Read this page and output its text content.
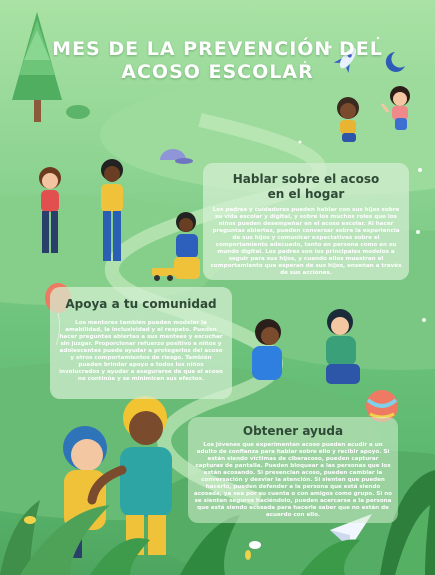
MES DE LA PREVENCIÓN DEL
ACOSO ESCOLAR
Hablar sobre el acoso
en el hogar

Los padres y cuidadores pueden hablar con sus hijos sobre su vida escolar y digital, y sobre los muchos roles que los niños pueden desempeñar en el acoso escolar. Al hacer preguntas abiertas, pueden conversar sobre la experiencia de sus hijos y comunicar expectativas sobre el comportamiento adecuado, tanto en persona como en su mundo digital. Los padres son los principales modelos a seguir para sus hijos, y cuando ellos muestran el comportamiento que esperan de sus hijos, enseñan a través de sus acciones.

Apoya a tu comunidad

Los mentores también pueden modelar la amabilidad, la inclusividad y el respeto. Pueden hacer preguntas abiertas a sus mentees y escuchar sin juzgar. Proporcionar refuerzo positivo a niños y adolescentes puede ayudar a protegerlos del acoso y otros comportamientos de riesgo. También pueden brindar apoyo a todos los niños involucrados y ayudar a asegurarse de que el acoso no continúe y se minimicen sus efectos.

Obtener ayuda

Los jóvenes que experimentan acoso pueden acudir a un adulto de confianza para hablar sobre ello y recibir apoyo. Si están siendo víctimas de ciberacoso, pueden capturar capturas de pantalla. Pueden bloquear a las personas que los están acosando. Si presencian acoso, pueden cambiar la conversación y desviar la atención. Si sienten que pueden hacerlo, pueden defender a la persona que está siendo acosada, ya sea por su cuenta o con amigos como grupo. Si no se sienten seguros haciéndolo, pueden acercarse a la persona que está siendo acosada para hacerle saber que no están de acuerdo con ello.
